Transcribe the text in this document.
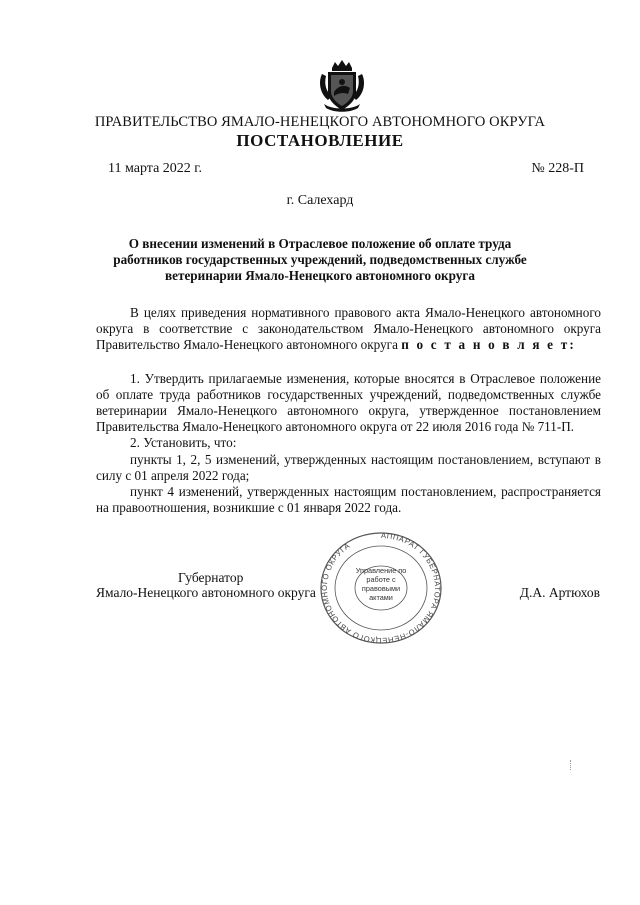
ПРАВИТЕЛЬСТВО ЯМАЛО-НЕНЕЦКОГО АВТОНОМНОГО ОКРУГА
ПОСТАНОВЛЕНИЕ
11 марта 2022 г.	№ 228-П
г. Салехард
О внесении изменений в Отраслевое положение об оплате труда работников государственных учреждений, подведомственных службе ветеринарии Ямало-Ненецкого автономного округа

В целях приведения нормативного правового акта Ямало-Ненецкого автономного округа в соответствие с законодательством Ямало-Ненецкого автономного округа Правительство Ямало-Ненецкого автономного округа п о с т а н о в л я е т:

1. Утвердить прилагаемые изменения, которые вносятся в Отраслевое положение об оплате труда работников государственных учреждений, подведомственных службе ветеринарии Ямало-Ненецкого автономного округа, утвержденное постановлением Правительства Ямало-Ненецкого автономного округа от 22 июля 2016 года № 711-П.

2. Установить, что:

пункты 1, 2, 5 изменений, утвержденных настоящим постановлением, вступают в силу с 01 апреля 2022 года;

пункт 4 изменений, утвержденных настоящим постановлением, распространяется на правоотношения, возникшие с 01 января 2022 года.

Губернатор
Ямало-Ненецкого автономного округа	Д.А. Артюхов
АППАРАТ ГУБЕРНАТОРА ЯМАЛО-НЕНЕЦКОГО АВТОНОМНОГО ОКРУГА
Управление по работе с правовыми актами
